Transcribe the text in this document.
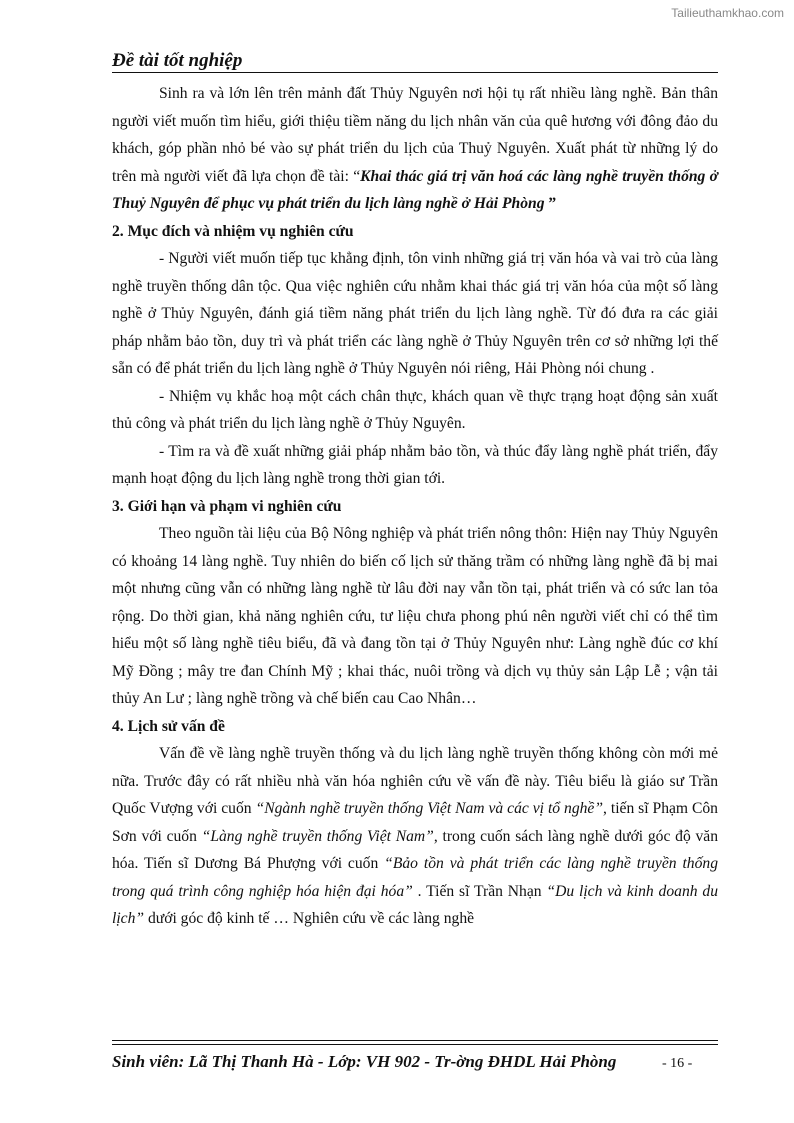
Tailieuthamkhao.com
Đề tài tốt nghiệp

Sinh ra và lớn lên trên mảnh đất Thủy Nguyên nơi hội tụ rất nhiều làng nghề. Bản thân người viết muốn tìm hiểu, giới thiệu tiềm năng du lịch nhân văn của quê hương với đông đảo du khách, góp phần nhỏ bé vào sự phát triển du lịch của Thuỷ Nguyên. Xuất phát từ những lý do trên mà người viết đã lựa chọn đề tài: “Khai thác giá trị văn hoá các làng nghề truyền thống ở Thuỷ Nguyên để phục vụ phát triển du lịch làng nghề ở Hải Phòng ”

2. Mục đích và nhiệm vụ nghiên cứu

- Người viết muốn tiếp tục khẳng định, tôn vinh những giá trị văn hóa và vai trò của làng nghề truyền thống dân tộc. Qua việc nghiên cứu nhằm khai thác giá trị văn hóa của một số làng nghề ở Thủy Nguyên, đánh giá tiềm năng phát triển du lịch làng nghề. Từ đó đưa ra các giải pháp nhằm bảo tồn, duy trì và phát triển các làng nghề ở Thủy Nguyên trên cơ sở những lợi thế sẵn có để phát triển du lịch làng nghề ở Thủy Nguyên nói riêng, Hải Phòng nói chung .

- Nhiệm vụ khắc hoạ một cách chân thực, khách quan về thực trạng hoạt động sản xuất thủ công và phát triển du lịch làng nghề ở Thủy Nguyên.

- Tìm ra và đề xuất những giải pháp nhằm bảo tồn, và thúc đẩy làng nghề phát triển, đẩy mạnh hoạt động du lịch làng nghề trong thời gian tới.

3. Giới hạn và phạm vi nghiên cứu

Theo nguồn tài liệu của Bộ Nông nghiệp và phát triển nông thôn: Hiện nay Thủy Nguyên có khoảng 14 làng nghề. Tuy nhiên do biến cố lịch sử thăng trầm có những làng nghề đã bị mai một nhưng cũng vẫn có những làng nghề từ lâu đời nay vẫn tồn tại, phát triển và có sức lan tỏa rộng. Do thời gian, khả năng nghiên cứu, tư liệu chưa phong phú nên người viết chỉ có thể tìm hiểu một số làng nghề tiêu biểu, đã và đang tồn tại ở Thủy Nguyên như: Làng nghề đúc cơ khí Mỹ Đồng ; mây tre đan Chính Mỹ ; khai thác, nuôi trồng và dịch vụ thủy sản Lập Lễ ; vận tải thủy An Lư ; làng nghề trồng và chế biến cau Cao Nhân…

4. Lịch sử vấn đề

Vấn đề về làng nghề truyền thống và du lịch làng nghề truyền thống không còn mới mẻ nữa. Trước đây có rất nhiều nhà văn hóa nghiên cứu về vấn đề này. Tiêu biểu là giáo sư Trần Quốc Vượng với cuốn “Ngành nghề truyền thống Việt Nam và các vị tổ nghề”, tiến sĩ Phạm Côn Sơn với cuốn “Làng nghề truyền thống Việt Nam”, trong cuốn sách làng nghề dưới góc độ văn hóa. Tiến sĩ Dương Bá Phượng với cuốn “Bảo tồn và phát triển các làng nghề truyền thống trong quá trình công nghiệp hóa hiện đại hóa” . Tiến sĩ Trần Nhạn “Du lịch và kinh doanh du lịch” dưới góc độ kinh tế … Nghiên cứu về các làng nghề

Sinh viên: Lã Thị Thanh Hà - Lớp: VH 902 - Tr-ờng ĐHDL Hải Phòng	- 16 -
